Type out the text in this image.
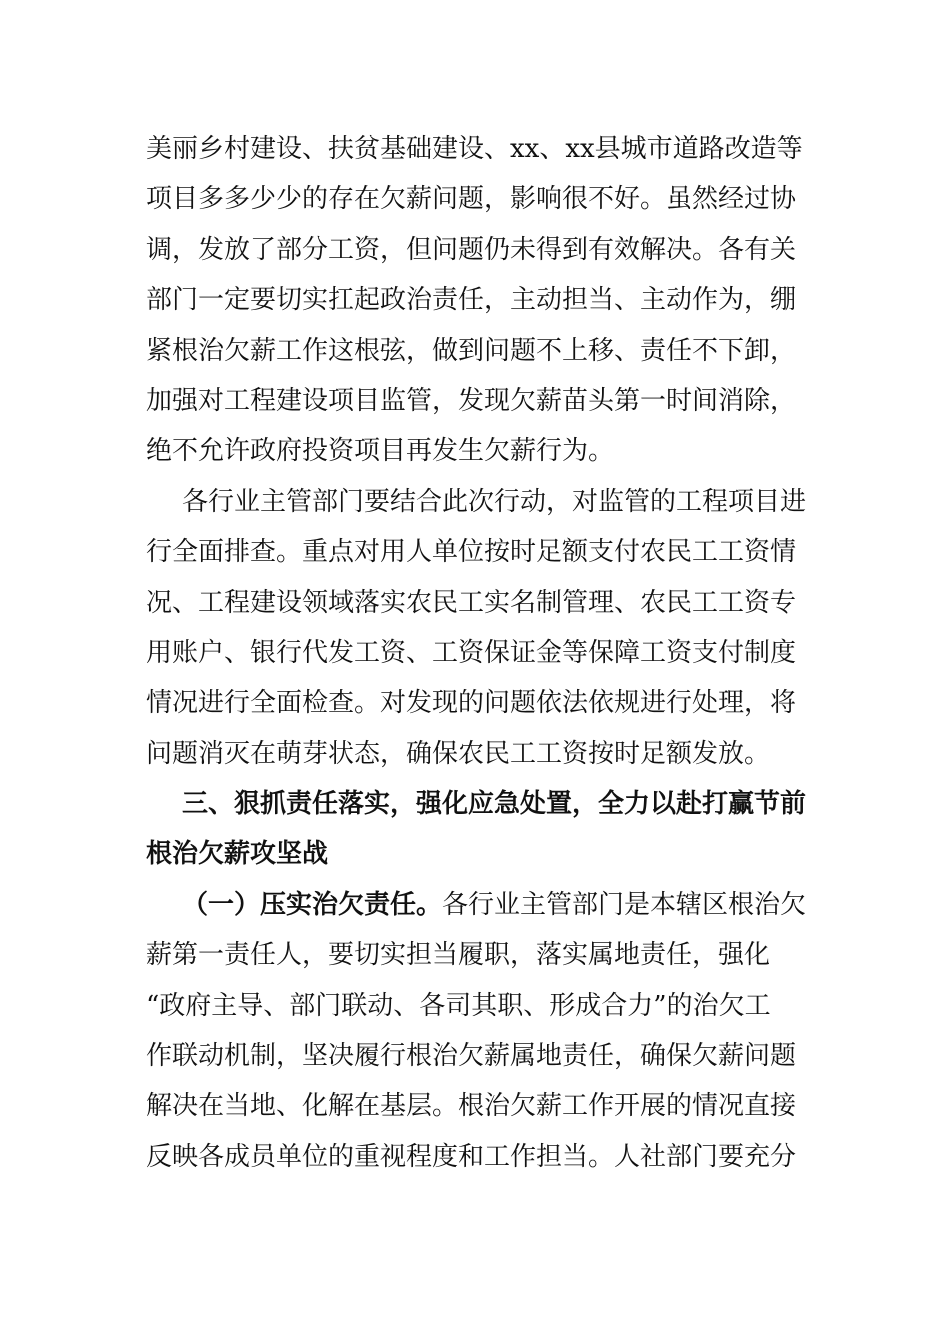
美丽乡村建设、扶贫基础建设、xx、xx县城市道路改造等
项目多多少少的存在欠薪问题，影响很不好。虽然经过协
调，发放了部分工资，但问题仍未得到有效解决。各有关
部门一定要切实扛起政治责任，主动担当、主动作为，绷
紧根治欠薪工作这根弦，做到问题不上移、责任不下卸，
加强对工程建设项目监管，发现欠薪苗头第一时间消除，
绝不允许政府投资项目再发生欠薪行为。
各行业主管部门要结合此次行动，对监管的工程项目进
行全面排查。重点对用人单位按时足额支付农民工工资情
况、工程建设领域落实农民工实名制管理、农民工工资专
用账户、银行代发工资、工资保证金等保障工资支付制度
情况进行全面检查。对发现的问题依法依规进行处理，将
问题消灭在萌芽状态，确保农民工工资按时足额发放。
三、狠抓责任落实，强化应急处置，全力以赴打赢节前
根治欠薪攻坚战
（一）压实治欠责任。各行业主管部门是本辖区根治欠
薪第一责任人，要切实担当履职，落实属地责任，强化
“政府主导、部门联动、各司其职、形成合力”的治欠工
作联动机制，坚决履行根治欠薪属地责任，确保欠薪问题
解决在当地、化解在基层。根治欠薪工作开展的情况直接
反映各成员单位的重视程度和工作担当。人社部门要充分
